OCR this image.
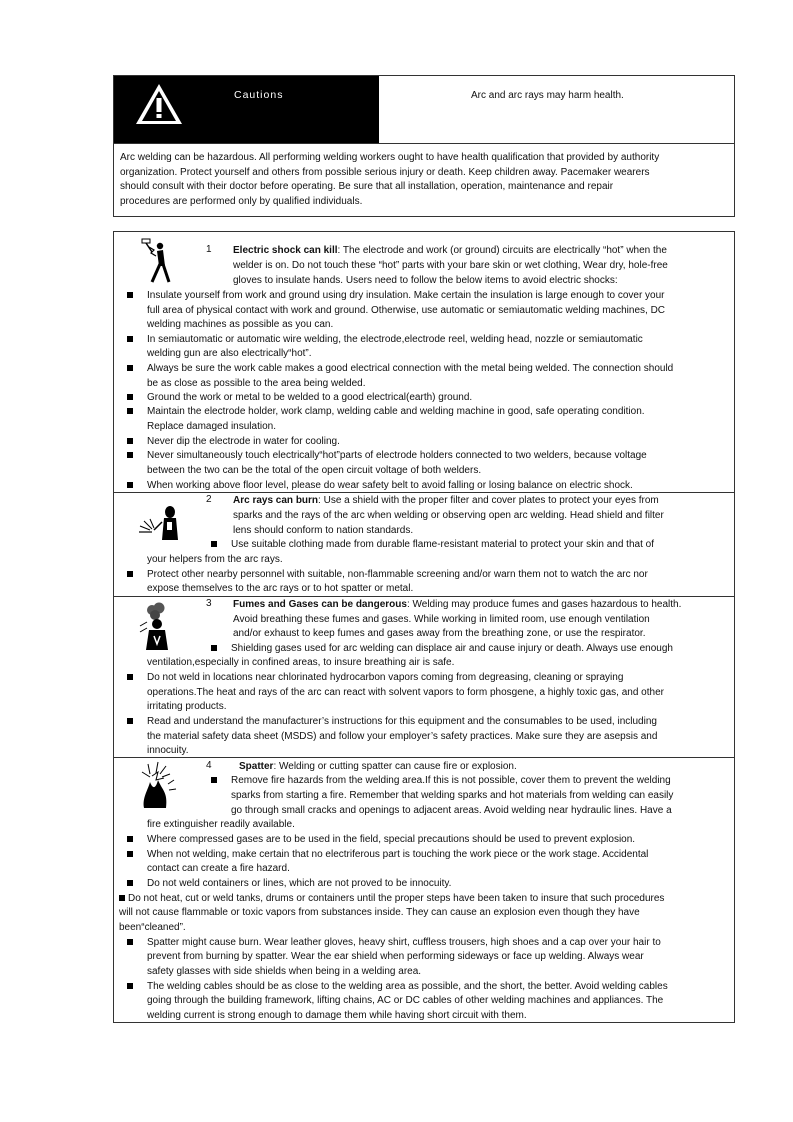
Cautions	Arc and arc rays may harm health.
Arc welding can be hazardous. All performing welding workers ought to have health qualification that provided by authority
organization. Protect yourself and others from possible serious injury or death. Keep children away. Pacemaker wearers
should consult with their doctor before operating. Be sure that all installation, operation, maintenance and repair
procedures are performed only by qualified individuals.
1
2
3
4
Electric shock can kill: The electrode and work (or ground) circuits are electrically “hot” when the
welder is on. Do not touch these “hot” parts with your bare skin or wet clothing, Wear dry, hole-free
gloves to insulate hands. Users need to follow the below items to avoid electric shocks:
Insulate yourself from work and ground using dry insulation. Make certain the insulation is large enough to cover your
full area of physical contact with work and ground. Otherwise, use automatic or semiautomatic welding machines, DC
welding machines as possible as you can.
In semiautomatic or automatic wire welding, the electrode,electrode reel, welding head, nozzle or semiautomatic
welding gun are also electrically“hot”.
Always be sure the work cable makes a good electrical connection with the metal being welded. The connection should
be as close as possible to the area being welded.
Ground the work or metal to be welded to a good electrical(earth) ground.
Maintain the electrode holder, work clamp, welding cable and welding machine in good, safe operating condition.
Replace damaged insulation.
Never dip the electrode in water for cooling.
Never simultaneously touch electrically“hot”parts of electrode holders connected to two welders, because voltage
between the two can be the total of the open circuit voltage of both welders.
When working above floor level, please do wear safety belt to avoid falling or losing balance on electric shock.
Arc rays can burn: Use a shield with the proper filter and cover plates to protect your eyes from
sparks and the rays of the arc when welding or observing open arc welding. Head shield and filter
lens should conform to nation standards.
Use suitable clothing made from durable flame-resistant material to protect your skin and that of
your helpers from the arc rays.
Protect other nearby personnel with suitable, non-flammable screening and/or warn them not to watch the arc nor
expose themselves to the arc rays or to hot spatter or metal.
Fumes and Gases can be dangerous: Welding may produce fumes and gases hazardous to health.
Avoid breathing these fumes and gases. While working in limited room, use enough ventilation
and/or exhaust to keep fumes and gases away from the breathing zone, or use the respirator.
Shielding gases used for arc welding can displace air and cause injury or death. Always use enough
ventilation,especially in confined areas, to insure breathing air is safe.
Do not weld in locations near chlorinated hydrocarbon vapors coming from degreasing, cleaning or spraying
operations.The heat and rays of the arc can react with solvent vapors to form phosgene, a highly toxic gas, and other
irritating products.
Read and understand the manufacturer’s instructions for this equipment and the consumables to be used, including
the material safety data sheet (MSDS) and follow your employer’s safety practices. Make sure they are asepsis and
innocuity.
Spatter: Welding or cutting spatter can cause fire or explosion.
Remove fire hazards from the welding area.If this is not possible, cover them to prevent the welding
sparks from starting a fire. Remember that welding sparks and hot materials from welding can easily
go through small cracks and openings to adjacent areas. Avoid welding near hydraulic lines. Have a
fire extinguisher readily available.
Where compressed gases are to be used in the field, special precautions should be used to prevent explosion.
When not welding, make certain that no electriferous part is touching the work piece or the work stage. Accidental
contact can create a fire hazard.
Do not weld containers or lines, which are not proved to be innocuity.
Do not heat, cut or weld tanks, drums or containers until the proper steps have been taken to insure that such procedures
will not cause flammable or toxic vapors from substances inside. They can cause an explosion even though they have
been“cleaned”.
Spatter might cause burn. Wear leather gloves, heavy shirt, cuffless trousers, high shoes and a cap over your hair to
prevent from burning by spatter. Wear the ear shield when performing sideways or face up welding. Always wear
safety glasses with side shields when being in a welding area.
The welding cables should be as close to the welding area as possible, and the short, the better. Avoid welding cables
going through the building framework, lifting chains, AC or DC cables of other welding machines and appliances. The
welding current is strong enough to damage them while having short circuit with them.
